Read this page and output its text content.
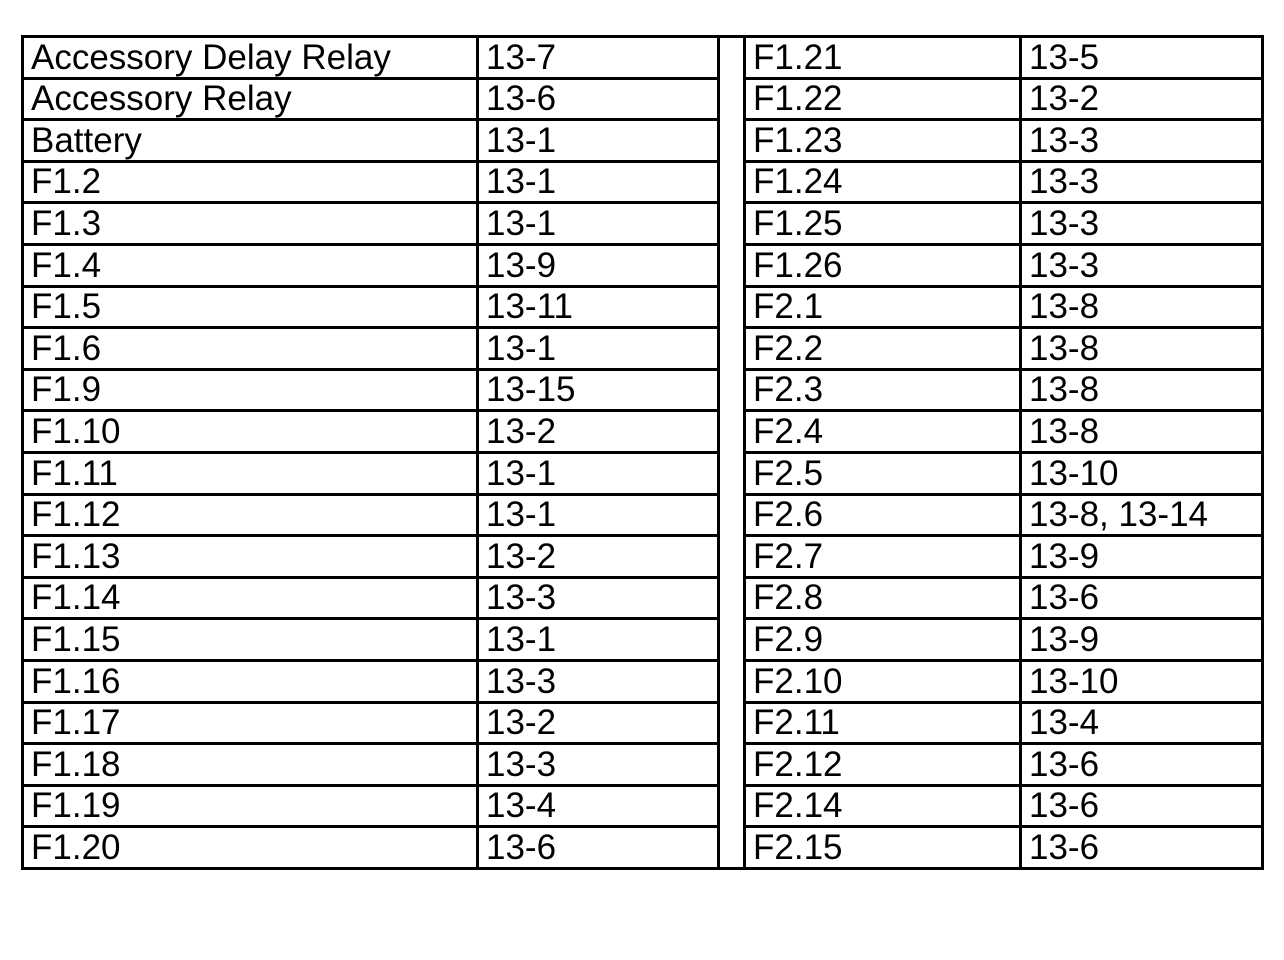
Accessory Delay Relay	13-7		F1.21	13-5
Accessory Relay	13-6		F1.22	13-2
Battery	13-1		F1.23	13-3
F1.2	13-1		F1.24	13-3
F1.3	13-1		F1.25	13-3
F1.4	13-9		F1.26	13-3
F1.5	13-11		F2.1	13-8
F1.6	13-1		F2.2	13-8
F1.9	13-15		F2.3	13-8
F1.10	13-2		F2.4	13-8
F1.11	13-1		F2.5	13-10
F1.12	13-1		F2.6	13-8, 13-14
F1.13	13-2		F2.7	13-9
F1.14	13-3		F2.8	13-6
F1.15	13-1		F2.9	13-9
F1.16	13-3		F2.10	13-10
F1.17	13-2		F2.11	13-4
F1.18	13-3		F2.12	13-6
F1.19	13-4		F2.14	13-6
F1.20	13-6		F2.15	13-6
